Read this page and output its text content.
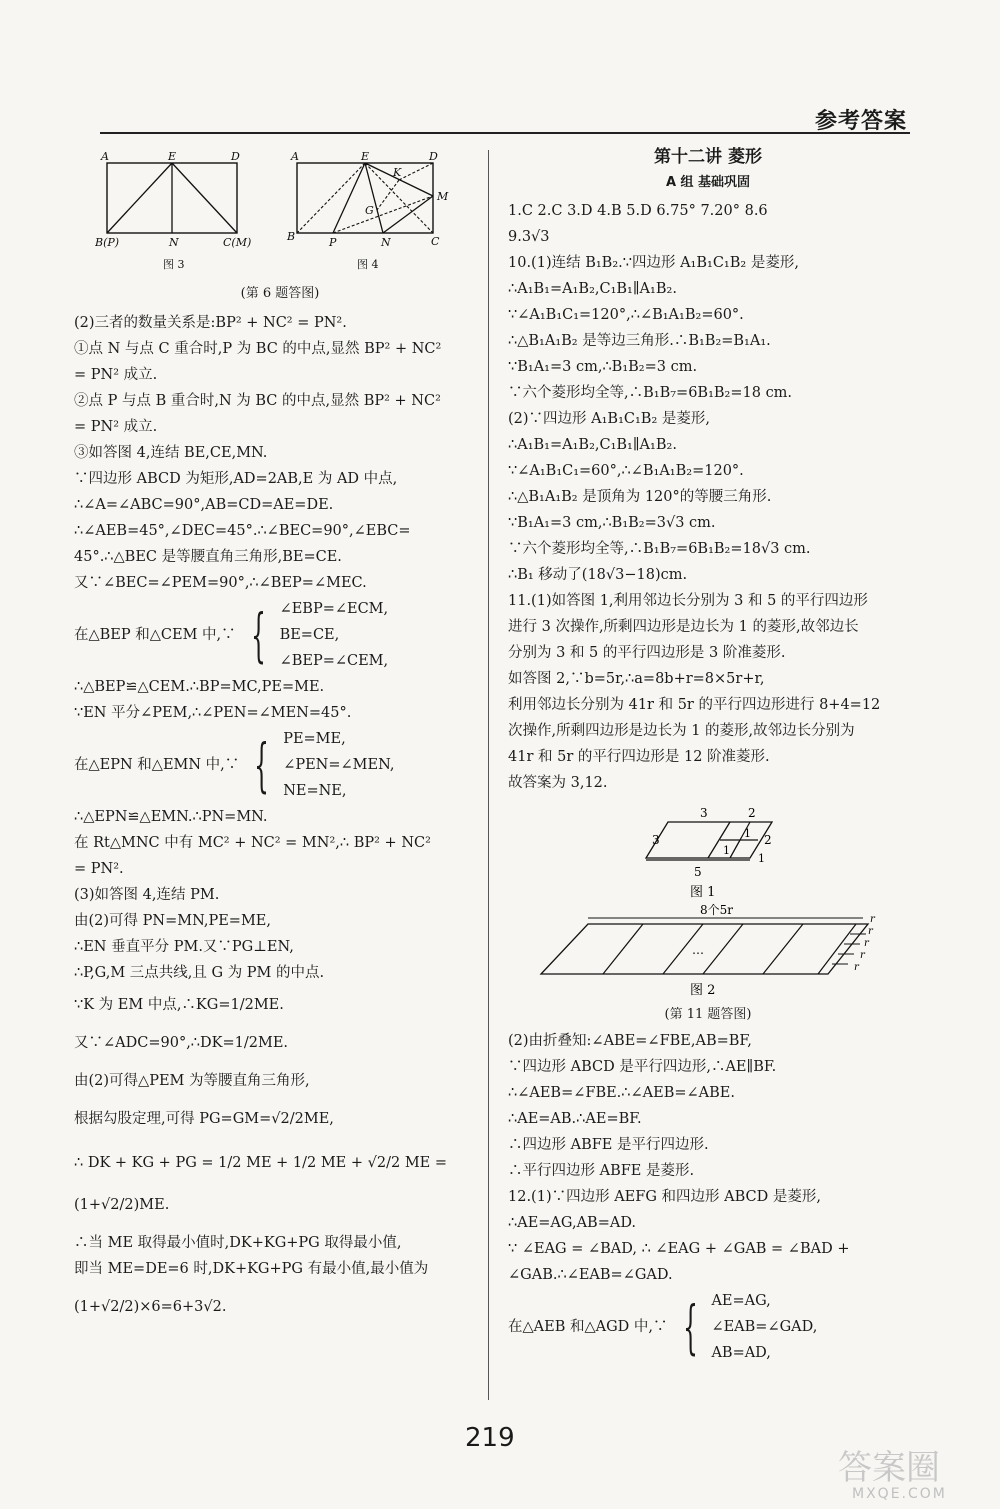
参考答案
A	E	D
B(P)	N	C(M)
图 3
A	E	D
K
M
G
B	P	N	C
图 4
(第 6 题答图)
(2)三者的数量关系是:BP² + NC² = PN².
①点 N 与点 C 重合时,P 为 BC 的中点,显然 BP² + NC²
= PN² 成立.
②点 P 与点 B 重合时,N 为 BC 的中点,显然 BP² + NC²
= PN² 成立.
③如答图 4,连结 BE,CE,MN.
∵四边形 ABCD 为矩形,AD=2AB,E 为 AD 中点,
∴∠A=∠ABC=90°,AB=CD=AE=DE.
∴∠AEB=45°,∠DEC=45°.∴∠BEC=90°,∠EBC=
45°.∴△BEC 是等腰直角三角形,BE=CE.
又∵∠BEC=∠PEM=90°,∴∠BEP=∠MEC.
在△BEP 和△CEM 中,∵ { ∠EBP=∠ECM,
BE=CE,
∠BEP=∠CEM,
∴△BEP≌△CEM.∴BP=MC,PE=ME.
∵EN 平分∠PEM,∴∠PEN=∠MEN=45°.
在△EPN 和△EMN 中,∵ { PE=ME,
∠PEN=∠MEN,
NE=NE,
∴△EPN≌△EMN.∴PN=MN.
在 Rt△MNC 中有 MC² + NC² = MN²,∴ BP² + NC²
= PN².
(3)如答图 4,连结 PM.
由(2)可得 PN=MN,PE=ME,
∴EN 垂直平分 PM.又∵PG⊥EN,
∴P,G,M 三点共线,且 G 为 PM 的中点.
∵K 为 EM 中点,∴KG=1/2ME.
又∵∠ADC=90°,∴DK=1/2ME.
由(2)可得△PEM 为等腰直角三角形,
根据勾股定理,可得 PG=GM=√2/2ME,
∴ DK + KG + PG = 1/2 ME + 1/2 ME + √2/2 ME =
(1+√2/2)ME.
∴当 ME 取得最小值时,DK+KG+PG 取得最小值,
即当 ME=DE=6 时,DK+KG+PG 有最小值,最小值为
(1+√2/2)×6=6+3√2.
第十二讲 菱形
A 组 基础巩固
1.C 2.C 3.D 4.B 5.D 6.75° 7.20° 8.6
9.3√3
10.(1)连结 B₁B₂.∵四边形 A₁B₁C₁B₂ 是菱形,
∴A₁B₁=A₁B₂,C₁B₁∥A₁B₂.
∵∠A₁B₁C₁=120°,∴∠B₁A₁B₂=60°.
∴△B₁A₁B₂ 是等边三角形.∴B₁B₂=B₁A₁.
∵B₁A₁=3 cm,∴B₁B₂=3 cm.
∵六个菱形均全等,∴B₁B₇=6B₁B₂=18 cm.
(2)∵四边形 A₁B₁C₁B₂ 是菱形,
∴A₁B₁=A₁B₂,C₁B₁∥A₁B₂.
∵∠A₁B₁C₁=60°,∴∠B₁A₁B₂=120°.
∴△B₁A₁B₂ 是顶角为 120°的等腰三角形.
∵B₁A₁=3 cm,∴B₁B₂=3√3 cm.
∵六个菱形均全等,∴B₁B₇=6B₁B₂=18√3 cm.
∴B₁ 移动了(18√3−18)cm.
11.(1)如答图 1,利用邻边长分别为 3 和 5 的平行四边形
进行 3 次操作,所剩四边形是边长为 1 的菱形,故邻边长
分别为 3 和 5 的平行四边形是 3 阶准菱形.
如答图 2,∵b=5r,∴a=8b+r=8×5r+r,
利用邻边长分别为 41r 和 5r 的平行四边形进行 8+4=12
次操作,所剩四边形是边长为 1 的菱形,故邻边长分别为
41r 和 5r 的平行四边形是 12 阶准菱形.
故答案为 3,12.
3	2
3	2
1
1
1
5
图 1
8个5r
…
r
r
r
r
r
图 2
(第 11 题答图)
(2)由折叠知:∠ABE=∠FBE,AB=BF,
∵四边形 ABCD 是平行四边形,∴AE∥BF.
∴∠AEB=∠FBE.∴∠AEB=∠ABE.
∴AE=AB.∴AE=BF.
∴四边形 ABFE 是平行四边形.
∴平行四边形 ABFE 是菱形.
12.(1)∵四边形 AEFG 和四边形 ABCD 是菱形,
∴AE=AG,AB=AD.
∵ ∠EAG = ∠BAD, ∴ ∠EAG + ∠GAB = ∠BAD +
∠GAB.∴∠EAB=∠GAD.
在△AEB 和△AGD 中,∵ { AE=AG,
∠EAB=∠GAD,
AB=AD,
219
答案圈
MXQE.COM
